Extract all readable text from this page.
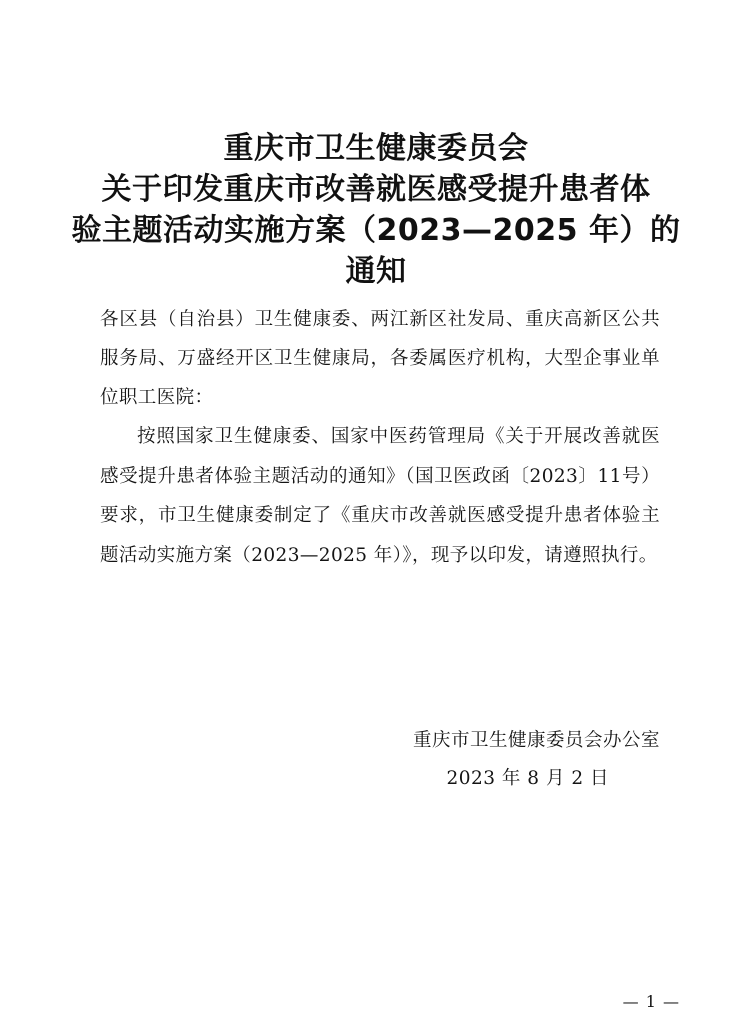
重庆市卫生健康委员会
关于印发重庆市改善就医感受提升患者体
验主题活动实施方案（2023—2025 年）的
通知
各区县（自治县）卫生健康委、两江新区社发局、重庆高新区公共服务局、万盛经开区卫生健康局，各委属医疗机构，大型企事业单位职工医院：
按照国家卫生健康委、国家中医药管理局《关于开展改善就医感受提升患者体验主题活动的通知》（国卫医政函〔2023〕11号）要求，市卫生健康委制定了《重庆市改善就医感受提升患者体验主题活动实施方案（2023—2025 年）》，现予以印发，请遵照执行。
重庆市卫生健康委员会办公室
2023 年 8 月 2 日
— 1 —
